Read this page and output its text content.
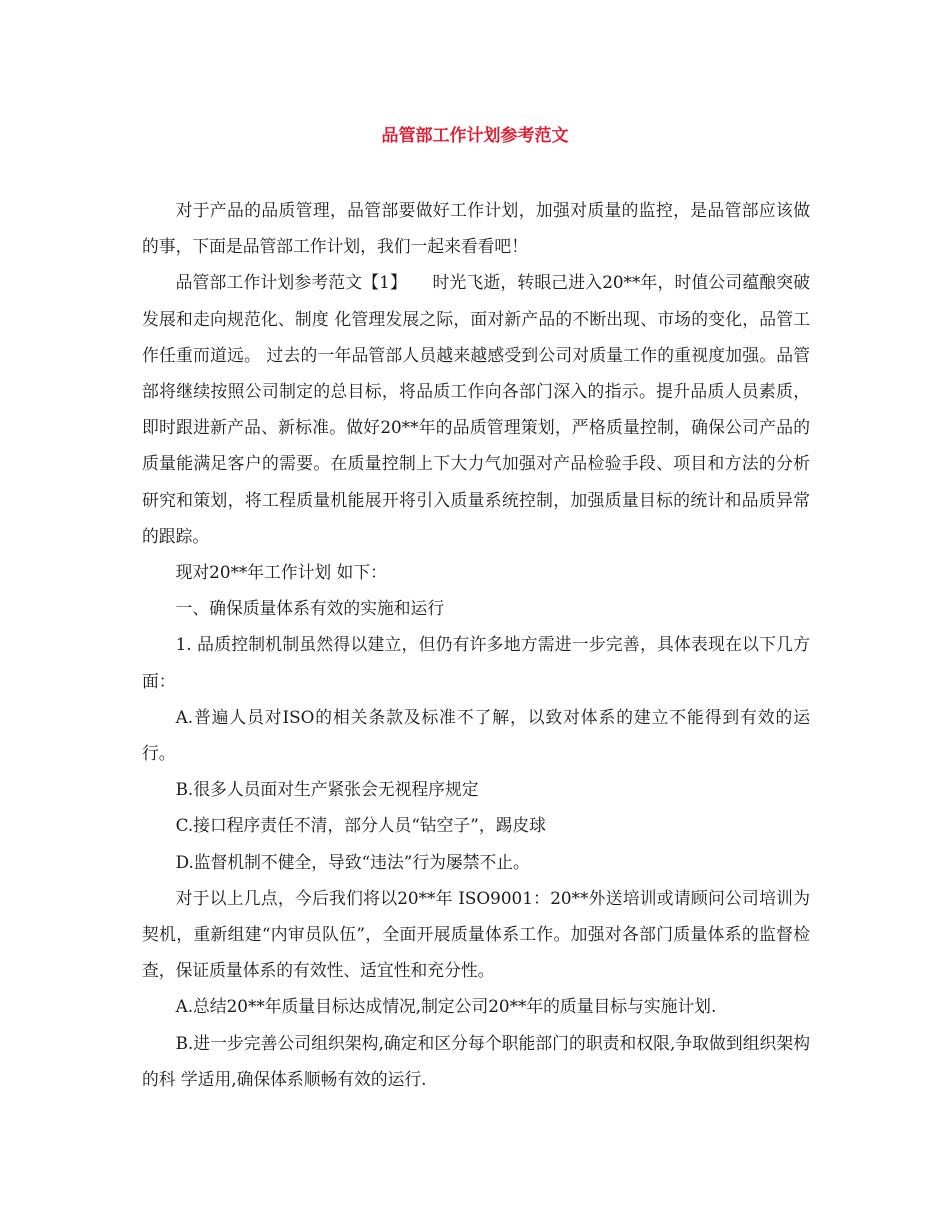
品管部工作计划参考范文

对于产品的品质管理，品管部要做好工作计划，加强对质量的监控，是品管部应该做的事，下面是品管部工作计划，我们一起来看看吧！

品管部工作计划参考范文【1】　　时光飞逝，转眼己进入20**年，时值公司蕴酿突破发展和走向规范化、制度 化管理发展之际，面对新产品的不断出现、市场的变化，品管工作任重而道远。 过去的一年品管部人员越来越感受到公司对质量工作的重视度加强。品管部将继续按照公司制定的总目标，将品质工作向各部门深入的指示。提升品质人员素质，即时跟进新产品、新标准。做好20**年的品质管理策划，严格质量控制，确保公司产品的质量能满足客户的需要。在质量控制上下大力气加强对产品检验手段、项目和方法的分析研究和策划，将工程质量机能展开将引入质量系统控制，加强质量目标的统计和品质异常的跟踪。

现对20**年工作计划 如下：

一、确保质量体系有效的实施和运行

1. 品质控制机制虽然得以建立，但仍有许多地方需进一步完善，具体表现在以下几方面：

A.普遍人员对ISO的相关条款及标准不了解，以致对体系的建立不能得到有效的运行。

B.很多人员面对生产紧张会无视程序规定

C.接口程序责任不清，部分人员“钻空子”，踢皮球

D.监督机制不健全，导致“违法”行为屡禁不止。

对于以上几点，今后我们将以20**年 ISO9001：20**外送培训或请顾问公司培训为契机，重新组建“内审员队伍”，全面开展质量体系工作。加强对各部门质量体系的监督检查，保证质量体系的有效性、适宜性和充分性。

A.总结20**年质量目标达成情况,制定公司20**年的质量目标与实施计划.

B.进一步完善公司组织架构,确定和区分每个职能部门的职责和权限,争取做到组织架构的科 学适用,确保体系顺畅有效的运行.
